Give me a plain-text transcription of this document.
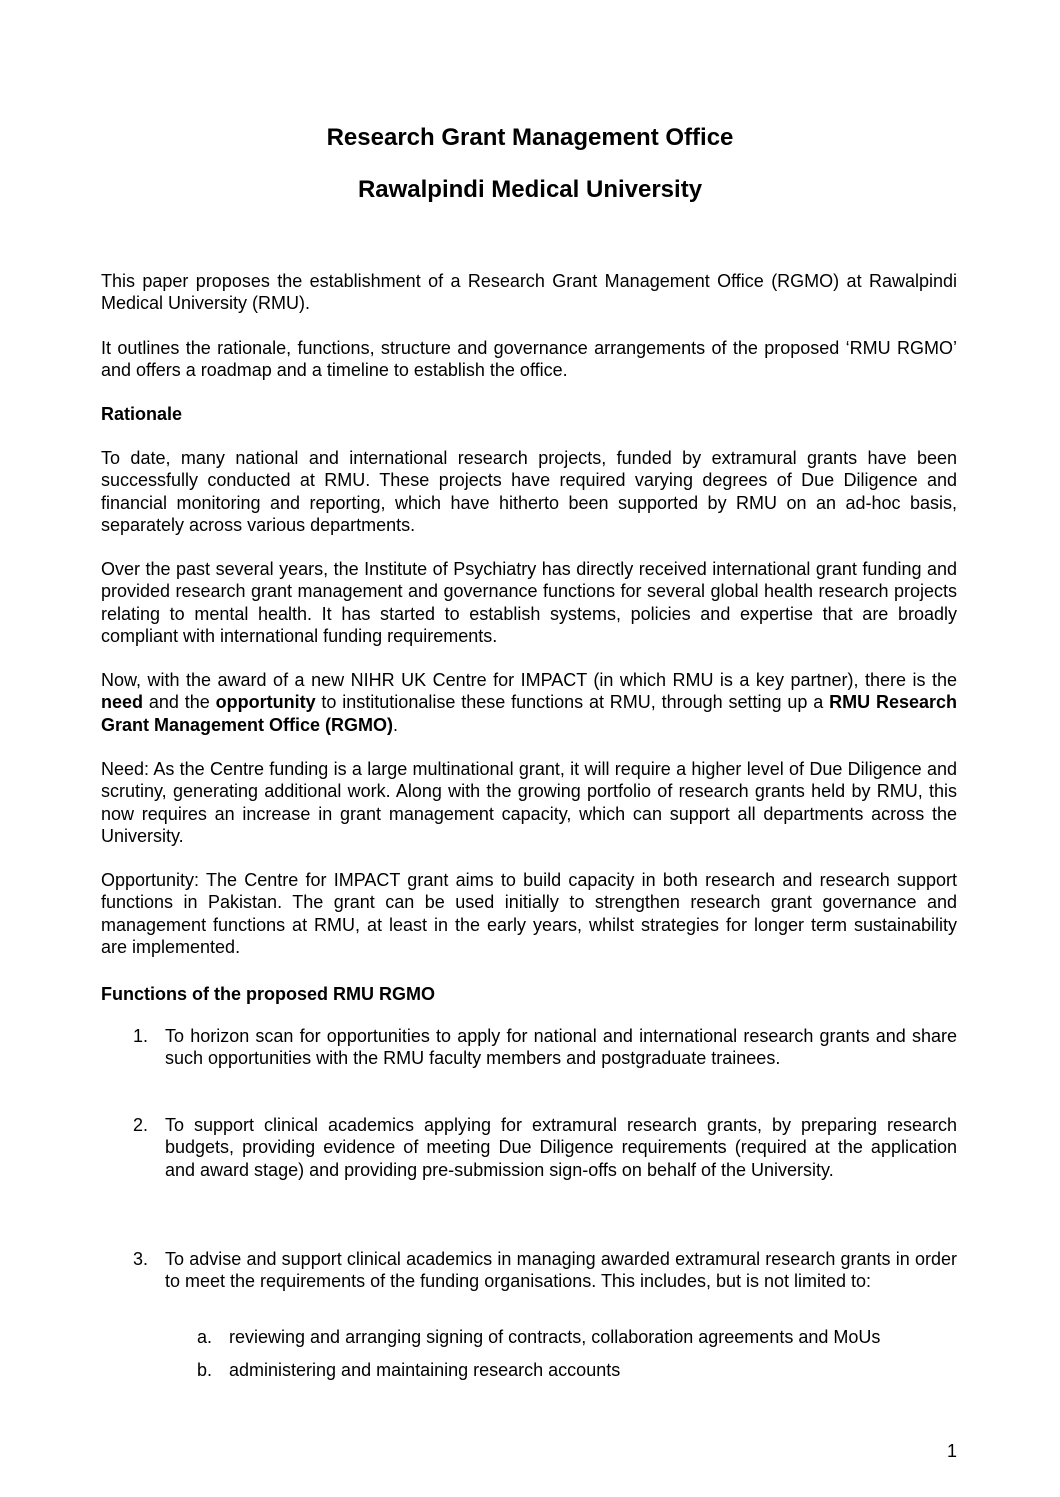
Research Grant Management Office
Rawalpindi Medical University

This paper proposes the establishment of a Research Grant Management Office (RGMO) at Rawalpindi Medical University (RMU).

It outlines the rationale, functions, structure and governance arrangements of the proposed ‘RMU RGMO’ and offers a roadmap and a timeline to establish the office.

Rationale

To date, many national and international research projects, funded by extramural grants have been successfully conducted at RMU. These projects have required varying degrees of Due Diligence and financial monitoring and reporting, which have hitherto been supported by RMU on an ad-hoc basis, separately across various departments.

Over the past several years, the Institute of Psychiatry has directly received international grant funding and provided research grant management and governance functions for several global health research projects relating to mental health. It has started to establish systems, policies and expertise that are broadly compliant with international funding requirements.

Now, with the award of a new NIHR UK Centre for IMPACT (in which RMU is a key partner), there is the need and the opportunity to institutionalise these functions at RMU, through setting up a RMU Research Grant Management Office (RGMO).

Need: As the Centre funding is a large multinational grant, it will require a higher level of Due Diligence and scrutiny, generating additional work. Along with the growing portfolio of research grants held by RMU, this now requires an increase in grant management capacity, which can support all departments across the University.

Opportunity: The Centre for IMPACT grant aims to build capacity in both research and research support functions in Pakistan. The grant can be used initially to strengthen research grant governance and management functions at RMU, at least in the early years, whilst strategies for longer term sustainability are implemented.

Functions of the proposed RMU RGMO

1. To horizon scan for opportunities to apply for national and international research grants and share such opportunities with the RMU faculty members and postgraduate trainees.

2. To support clinical academics applying for extramural research grants, by preparing research budgets, providing evidence of meeting Due Diligence requirements (required at the application and award stage) and providing pre-submission sign-offs on behalf of the University.

3. To advise and support clinical academics in managing awarded extramural research grants in order to meet the requirements of the funding organisations. This includes, but is not limited to:

a. reviewing and arranging signing of contracts, collaboration agreements and MoUs

b. administering and maintaining research accounts

1
